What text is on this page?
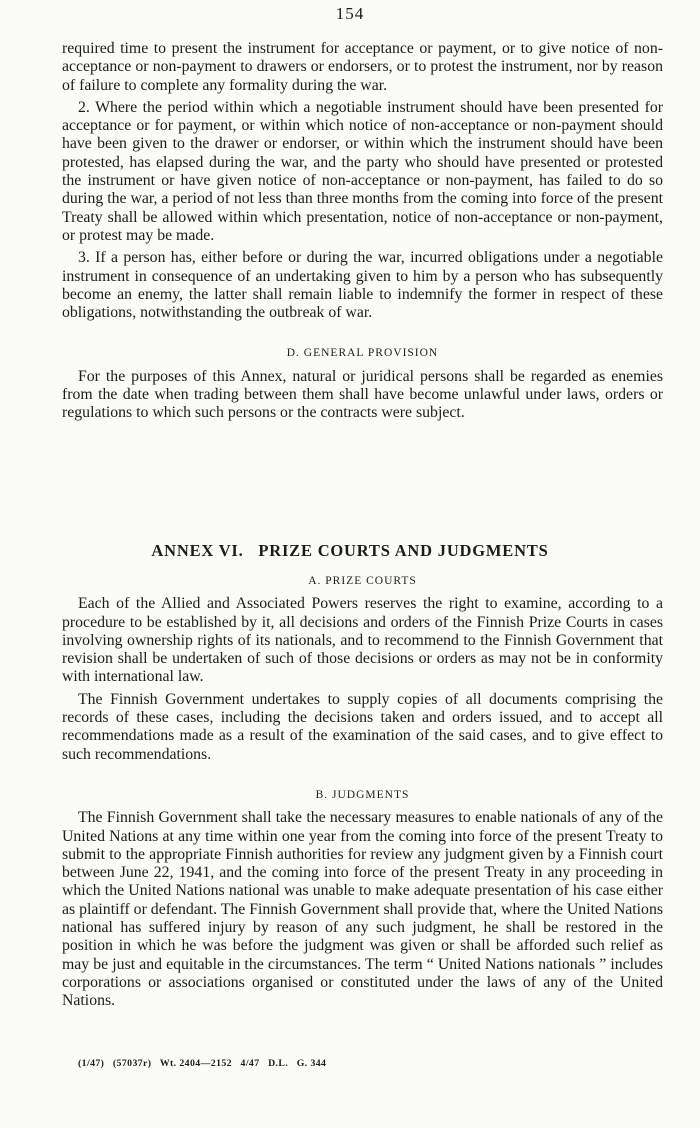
154

required time to present the instrument for acceptance or payment, or to give notice of non-acceptance or non-payment to drawers or endorsers, or to protest the instrument, nor by reason of failure to complete any formality during the war.

2. Where the period within which a negotiable instrument should have been presented for acceptance or for payment, or within which notice of non-acceptance or non-payment should have been given to the drawer or endorser, or within which the instrument should have been protested, has elapsed during the war, and the party who should have presented or protested the instrument or have given notice of non-acceptance or non-payment, has failed to do so during the war, a period of not less than three months from the coming into force of the present Treaty shall be allowed within which presentation, notice of non-acceptance or non-payment, or protest may be made.

3. If a person has, either before or during the war, incurred obligations under a negotiable instrument in consequence of an undertaking given to him by a person who has subsequently become an enemy, the latter shall remain liable to indemnify the former in respect of these obligations, notwithstanding the outbreak of war.

D. GENERAL PROVISION

For the purposes of this Annex, natural or juridical persons shall be regarded as enemies from the date when trading between them shall have become unlawful under laws, orders or regulations to which such persons or the contracts were subject.

ANNEX VI.   PRIZE COURTS AND JUDGMENTS

A. PRIZE COURTS

Each of the Allied and Associated Powers reserves the right to examine, according to a procedure to be established by it, all decisions and orders of the Finnish Prize Courts in cases involving ownership rights of its nationals, and to recommend to the Finnish Government that revision shall be undertaken of such of those decisions or orders as may not be in conformity with international law.

The Finnish Government undertakes to supply copies of all documents comprising the records of these cases, including the decisions taken and orders issued, and to accept all recommendations made as a result of the examination of the said cases, and to give effect to such recommendations.

B. JUDGMENTS

The Finnish Government shall take the necessary measures to enable nationals of any of the United Nations at any time within one year from the coming into force of the present Treaty to submit to the appropriate Finnish authorities for review any judgment given by a Finnish court between June 22, 1941, and the coming into force of the present Treaty in any proceeding in which the United Nations national was unable to make adequate presentation of his case either as plaintiff or defendant. The Finnish Government shall provide that, where the United Nations national has suffered injury by reason of any such judgment, he shall be restored in the position in which he was before the judgment was given or shall be afforded such relief as may be just and equitable in the circumstances. The term “ United Nations nationals ” includes corporations or associations organised or constituted under the laws of any of the United Nations.

(1/47)   (57037r)   Wt. 2404—2152   4/47   D.L.   G. 344
